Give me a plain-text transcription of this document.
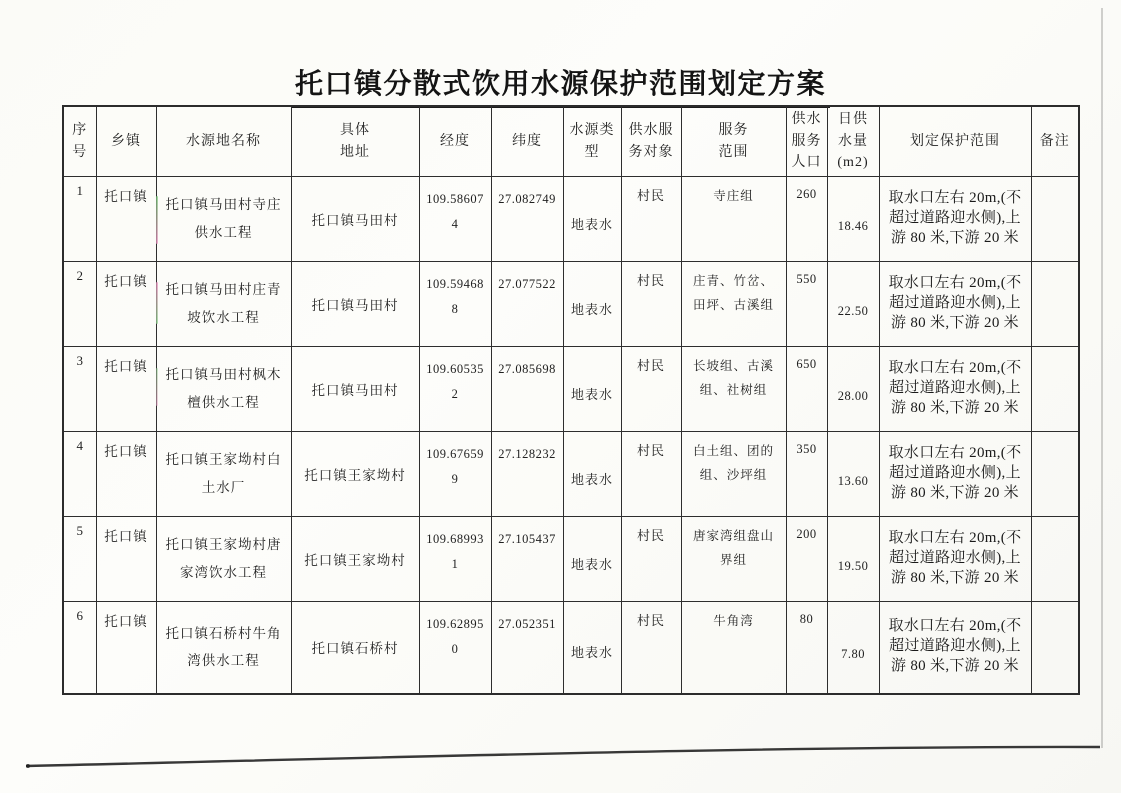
托口镇分散式饮用水源保护范围划定方案
序号	乡镇	水源地名称	具体地址	经度	纬度	水源类型	供水服务对象	服务范围	供水服务人口	日供水量(m2)	划定保护范围	备注
1	托口镇	托口镇马田村寺庄供水工程	托口镇马田村	109.586074	27.082749	地表水	村民	寺庄组	260	18.46	取水口左右 20m,(不超过道路迎水侧),上游 80 米,下游 20 米	
2	托口镇	托口镇马田村庄青坡饮水工程	托口镇马田村	109.594688	27.077522	地表水	村民	庄青、竹岔、田坪、古溪组	550	22.50	取水口左右 20m,(不超过道路迎水侧),上游 80 米,下游 20 米	
3	托口镇	托口镇马田村枫木檀供水工程	托口镇马田村	109.605352	27.085698	地表水	村民	长坡组、古溪组、社树组	650	28.00	取水口左右 20m,(不超过道路迎水侧),上游 80 米,下游 20 米	
4	托口镇	托口镇王家坳村白土水厂	托口镇王家坳村	109.676599	27.128232	地表水	村民	白土组、团的组、沙坪组	350	13.60	取水口左右 20m,(不超过道路迎水侧),上游 80 米,下游 20 米	
5	托口镇	托口镇王家坳村唐家湾饮水工程	托口镇王家坳村	109.689931	27.105437	地表水	村民	唐家湾组盘山界组	200	19.50	取水口左右 20m,(不超过道路迎水侧),上游 80 米,下游 20 米	
6	托口镇	托口镇石桥村牛角湾供水工程	托口镇石桥村	109.628950	27.052351	地表水	村民	牛角湾	80	7.80	取水口左右 20m,(不超过道路迎水侧),上游 80 米,下游 20 米	
